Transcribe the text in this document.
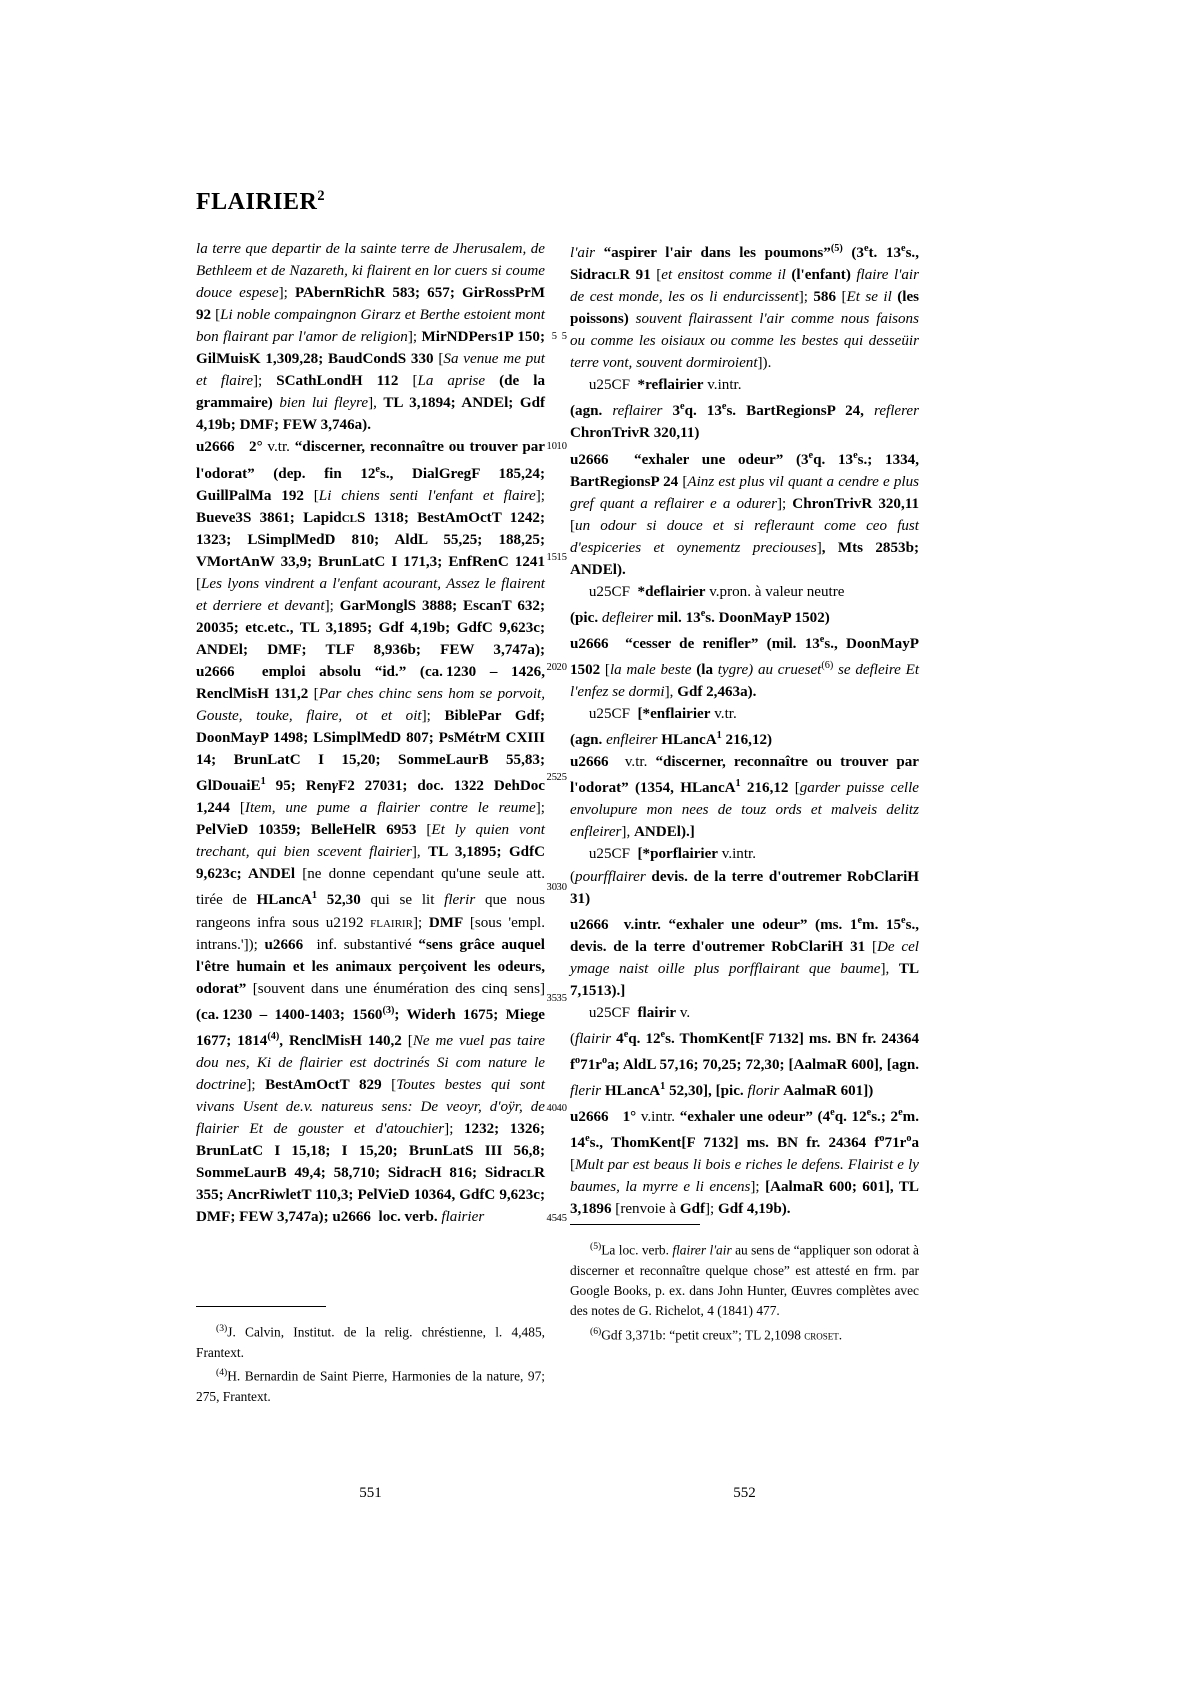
FLAIRIER$^2$
5
10
15
20
25
30
35
40
45
5
10
15
20
25
30
35
40
45

la terre que departir de la sainte terre de Jherusalem, de Bethleem et de Nazareth, ki flairent en lor cuers si coume douce espese]; PAbernRichR 583; 657; GirRossPrM 92 [Li noble compaingnon Girarz et Berthe estoient mont bon flairant par l'amor de religion]; MirNDPers1P 150; GilMuisK 1,309,28; BaudCondS 330 [Sa venue me put et flaire]; SCathLondH 112 [La aprise (de la grammaire) bien lui fleyre], TL 3,1894; ANDEl; Gdf 4,19b; DMF; FEW 3,746a).

u2666    2° v.tr. “discerner, reconnaître ou trouver par l'odorat” (dep. fin 12es., DialGregF 185,24; GuillPalMa 192 [Li chiens senti l'enfant et flaire]; Bueve3S 3861; LapidclS 1318; BestAmOctT 1242; 1323; LSimplMedD 810; AldL 55,25; 188,25; VMortAnW 33,9; BrunLatC I 171,3; EnfRenC 1241 [Les lyons vindrent a l'enfant acourant, Assez le flairent et derriere et devant]; GarMonglS 3888; EscanT 632; 20035; etc.etc., TL 3,1895; Gdf 4,19b; GdfC 9,623c; ANDEl; DMF; TLF 8,936b; FEW 3,747a); u2666   emploi absolu “id.” (ca. 1230 – 1426, RenclMisH 131,2 [Par ches chinc sens hom se porvoit, Gouste, touke, flaire, ot et oit]; BiblePar Gdf; DoonMayP 1498; LSimplMedD 807; PsMétrM CXIII 14; BrunLatC I 15,20; SommeLaurB 55,83; GlDouaiE$^1$ 95; RenγF2 27031; doc. 1322 DehDoc 1,244 [Item, une pume a flairier contre le reume]; PelVieD 10359; BelleHelR 6953 [Et ly quien vont trechant, qui bien scevent flairier], TL 3,1895; GdfC 9,623c; ANDEl [ne donne cependant qu'une seule att. tirée de HLancA$^1$ 52,30 qui se lit flerir que nous rangeons infra sous u2192	flairir]; DMF [sous 'empl. intrans.']); u2666	inf. substantivé “sens grâce auquel l'être humain et les animaux perçoivent les odeurs, odorat” [souvent dans une énumération des cinq sens] (ca. 1230 – 1400-1403; 1560$^{(3)}$; Widerh 1675; Miege 1677; 1814$^{(4)}$, RenclMisH 140,2 [Ne me vuel pas taire dou nes, Ki de flairier est doctrinés Si com nature le doctrine]; BestAmOctT 829 [Toutes bestes qui sont vivans Usent de.v. natureus sens: De veoyr, d'oÿr, de flairier Et de gouster et d'atouchier]; 1232; 1326; BrunLatC I 15,18; I 15,20; BrunLatS III 56,8; SommeLaurB 49,4; 58,710; SidracH 816; SidraclR 355; AncrRiwletT 110,3; PelVieD 10364, GdfC 9,623c; DMF; FEW 3,747a); u2666	loc. verb. flairier

l'air “aspirer l'air dans les poumons”$^{(5)}$ (3et. 13es., SidraclR 91 [et ensitost comme il (l'enfant) flaire l'air de cest monde, les os li endurcissent]; 586 [Et se il (les poissons) souvent flairassent l'air comme nous faisons ou comme les oisiaux ou comme les bestes qui desseüir terre vont, souvent dormiroient]).

u25CF   *reflairier v.intr.

(agn. reflairer 3eq. 13es. BartRegionsP 24, reflerer ChronTrivR 320,11)

u2666   “exhaler une odeur” (3eq. 13es.; 1334, BartRegionsP 24 [Ainz est plus vil quant a cendre e plus gref quant a reflairer e a odurer]; ChronTrivR 320,11 [un odour si douce et si refleraunt come ceo fust d'espiceries et oynementz preciouses], Mts 2853b; ANDEl).

u25CF   *deflairier v.pron. à valeur neutre

(pic. defleirer mil. 13es. DoonMayP 1502)

u2666   “cesser de renifler” (mil. 13es., DoonMayP 1502 [la male beste (la tygre) au crueset$^{(6)}$ se defleire Et l'enfez se dormi], Gdf 2,463a).

u25CF   [*enflairier v.tr.

(agn. enfleirer HLancA$^1$ 216,12)

u2666   v.tr. “discerner, reconnaître ou trouver par l'odorat” (1354, HLancA$^1$ 216,12 [garder puisse celle envolupure mon nees de touz ords et malveis delitz enfleirer], ANDEl).]

u25CF   [*porflairier v.intr.

(pourfflairer devis. de la terre d'outremer RobClariH 31)

u2666   v.intr. “exhaler une odeur” (ms. 1em. 15es., devis. de la terre d'outremer RobClariH 31 [De cel ymage naist oille plus porfflairant que baume], TL 7,1513).]

u25CF   flairir v.

(flairir 4eq. 12es. ThomKent[F 7132] ms. BN fr. 24364 $f^o71r^oa$; AldL 57,16; 70,25; 72,30; [AalmaR 600], [agn. flerir HLancA$^1$ 52,30], [pic. florir AalmaR 601])

u2666    1° v.intr. “exhaler une odeur” (4eq. 12es.; 2em. 14es., ThomKent[F 7132] ms. BN fr. 24364 $f^o71r^oa$ [Mult par est beaus li bois e riches le defens. Flairist e ly baumes, la myrre e li encens]; [AalmaR 600; 601], TL 3,1896 [renvoie à Gdf]; Gdf 4,19b).

$^{(3)}$J. Calvin, Institut. de la relig. chréstienne, l. 4,485, Frantext.

$^{(4)}$H. Bernardin de Saint Pierre, Harmonies de la nature, 97; 275, Frantext.

$^{(5)}$La loc. verb. flairer l'air au sens de “appliquer son odorat à discerner et reconnaître quelque chose” est attesté en frm. par Google Books, p. ex. dans John Hunter, Œuvres complètes avec des notes de G. Richelot, 4 (1841) 477.

$^{(6)}$Gdf 3,371b: “petit creux”; TL 2,1098 croset.

551	552
